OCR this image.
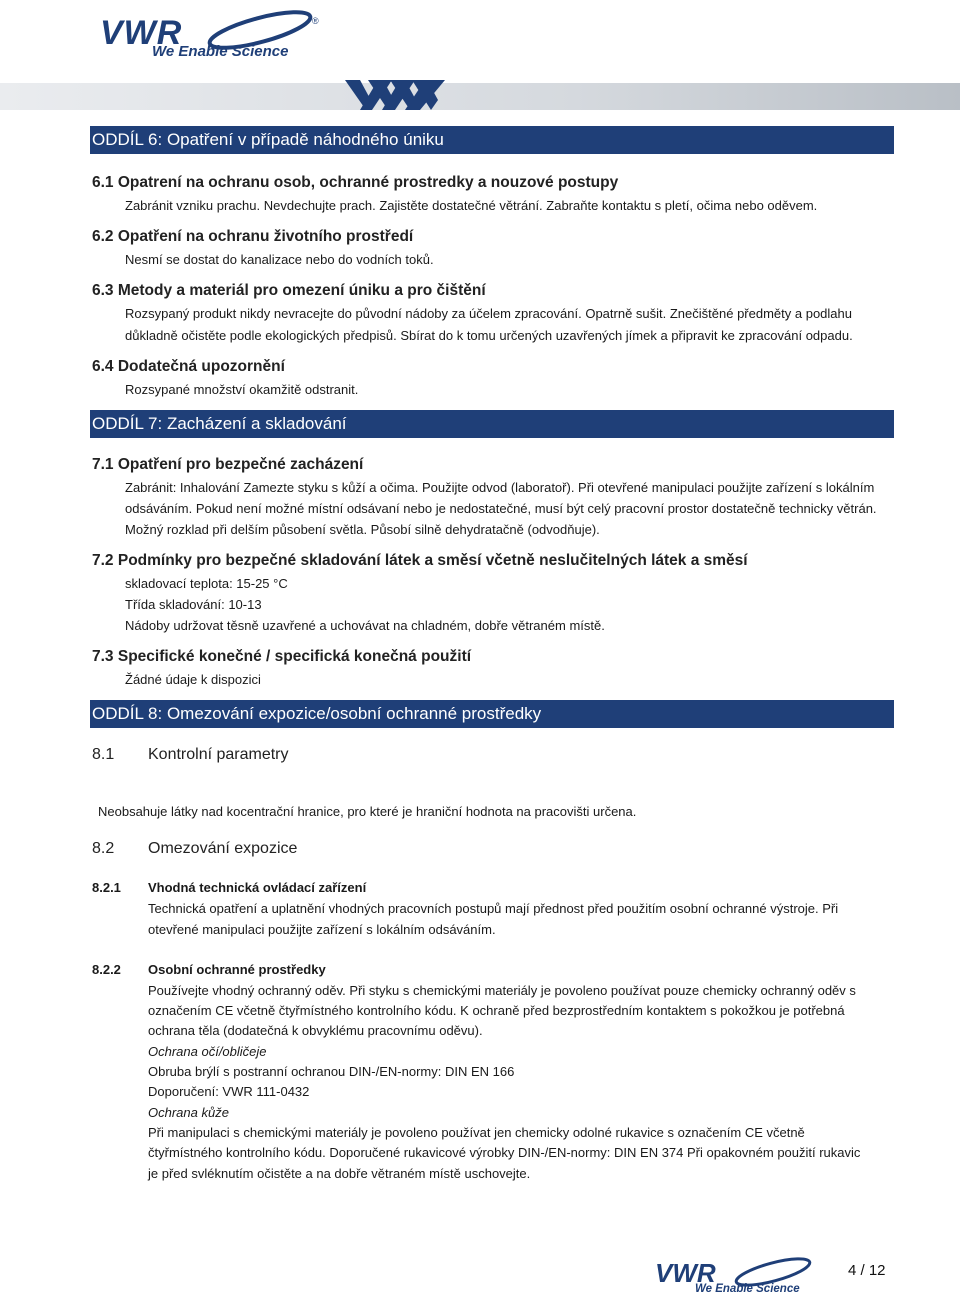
®
VWR
We Enable Science
ODDÍL 6: Opatření v případě náhodného úniku
6.1 Opatrení na ochranu osob, ochranné prostredky a nouzové postupy
Zabránit vzniku prachu. Nevdechujte prach. Zajistěte dostatečné větrání. Zabraňte kontaktu s pletí, očima nebo oděvem.
6.2 Opatření na ochranu životního prostředí
Nesmí se dostat do kanalizace nebo do vodních toků.
6.3 Metody a materiál pro omezení úniku a pro čištění
Rozsypaný produkt nikdy nevracejte do původní nádoby za účelem zpracování. Opatrně sušit. Znečištěné předměty a podlahu
důkladně očistěte podle ekologických předpisů. Sbírat do k tomu určených uzavřených jímek a připravit ke zpracování odpadu.
6.4 Dodatečná upozornění
Rozsypané množství okamžitě odstranit.
ODDÍL 7: Zacházení a skladování
7.1 Opatření pro bezpečné zacházení
Zabránit: Inhalování Zamezte styku s kůží a očima. Použijte odvod (laboratoř). Při otevřené manipulaci použijte zařízení s lokálním
odsáváním. Pokud není možné místní odsávaní nebo je nedostatečné, musí být celý pracovní prostor dostatečně technicky větrán.
Možný rozklad při delším působení světla. Působí silně dehydratačně (odvodňuje).
7.2 Podmínky pro bezpečné skladování látek a směsí včetně neslučitelných látek a směsí
skladovací teplota: 15-25 °C
Třída skladování: 10-13
Nádoby udržovat těsně uzavřené a uchovávat na chladném, dobře větraném místě.
7.3 Specifické konečné / specifická konečná použití
Žádné údaje k dispozici
ODDÍL 8: Omezování expozice/osobní ochranné prostředky
8.1 Kontrolní parametry
Neobsahuje látky nad kocentrační hranice, pro které je hraniční hodnota na pracovišti určena.
8.2 Omezování expozice
8.2.1 Vhodná technická ovládací zařízení
Technická opatření a uplatnění vhodných pracovních postupů mají přednost před použitím osobní ochranné výstroje. Při
otevřené manipulaci použijte zařízení s lokálním odsáváním.
8.2.2 Osobní ochranné prostředky
Používejte vhodný ochranný oděv. Při styku s chemickými materiály je povoleno používat pouze chemicky ochranný oděv s
označením CE včetně čtyřmístného kontrolního kódu. K ochraně před bezprostředním kontaktem s pokožkou je potřebná
ochrana těla (dodatečná k obvyklému pracovnímu oděvu).
Ochrana očí/obličeje
Obruba brýlí s postranní ochranou DIN-/EN-normy: DIN EN 166
Doporučení: VWR 111-0432
Ochrana kůže
Při manipulaci s chemickými materiály je povoleno používat jen chemicky odolné rukavice s označením CE včetně
čtyřmístného kontrolního kódu. Doporučené rukavicové výrobky DIN-/EN-normy: DIN EN 374 Při opakovném použití rukavic
je před svléknutím očistěte a na dobře větraném místě uschovejte.
VWR
We Enable Science
4 / 12
